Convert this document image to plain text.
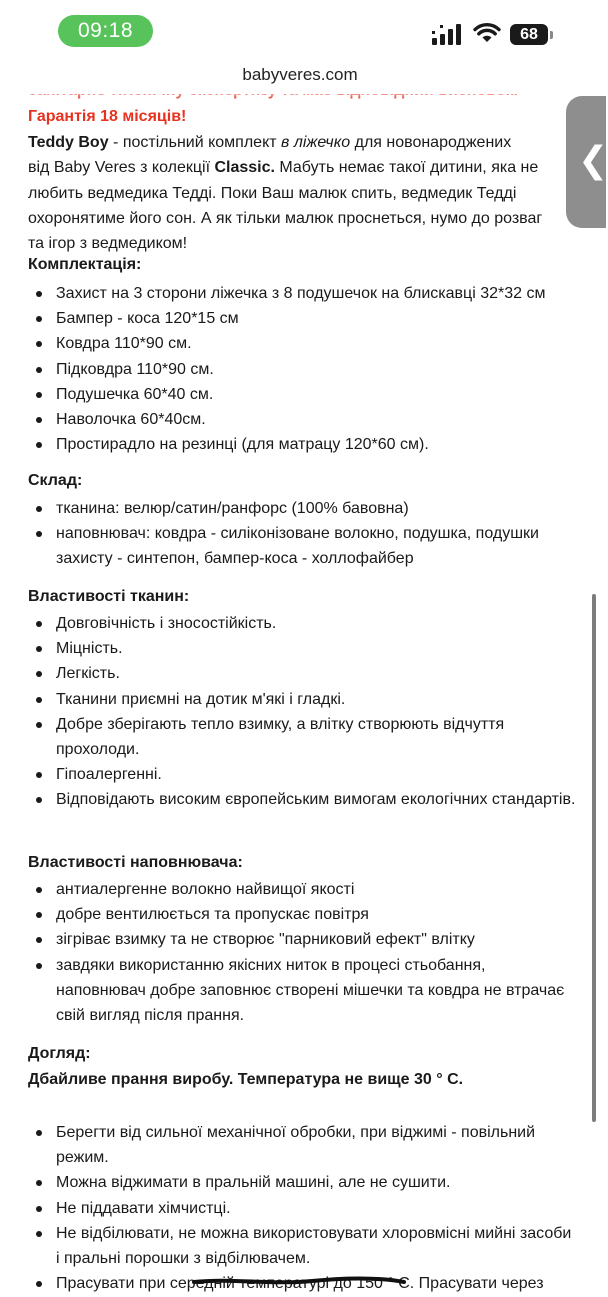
09:18	68
babyveres.com
Гарантія 18 місяців!
Teddy Boy - постільний комплект в ліжечко для новонароджених
від Baby Veres з колекції Classic. Мабуть немає такої дитини, яка не
любить ведмедика Тедді. Поки Ваш малюк спить, ведмедик Тедді
охоронятиме його сон. А як тільки малюк проснеться, нумо до розваг
та ігор з ведмедиком!
Комплектація:
Захист на 3 сторони ліжечка з 8 подушечок на блискавці 32*32 см
Бампер - коса 120*15 см
Ковдра 110*90 см.
Підковдра 110*90 см.
Подушечка 60*40 см.
Наволочка 60*40см.
Простирадло на резинці (для матрацу 120*60 см).
Склад:
тканина: велюр/сатин/ранфорс (100% бавовна)
наповнювач: ковдра - силіконізоване волокно, подушка, подушки захисту - синтепон, бампер-коса - холлофайбер
Властивості тканин:
Довговічність і зносостійкість.
Міцність.
Легкість.
Тканини приємні на дотик м'які і гладкі.
Добре зберігають тепло взимку, а влітку створюють відчуття прохолоди.
Гіпоалергенні.
Відповідають високим європейським вимогам екологічних стандартів.
Властивості наповнювача:
антиалергенне волокно найвищої якості
добре вентилюється та пропускає повітря
зігріває взимку та не створює "парниковий ефект" влітку
завдяки використанню якісних ниток в процесі стьобання, наповнювач добре заповнює створені мішечки та ковдра не втрачає свій вигляд після прання.
Догляд:
Дбайливе прання виробу. Температура не вище 30 ° С.
Берегти від сильної механічної обробки, при віджимі - повільний режим.
Можна віджимати в пральній машині, але не сушити.
Не піддавати хімчистці.
Не відбілювати, не можна використовувати хлоровмісні мийні засоби і пральні порошки з відбілювачем.
Прасувати при середній температурі до 150 ° С. Прасувати через
❮
